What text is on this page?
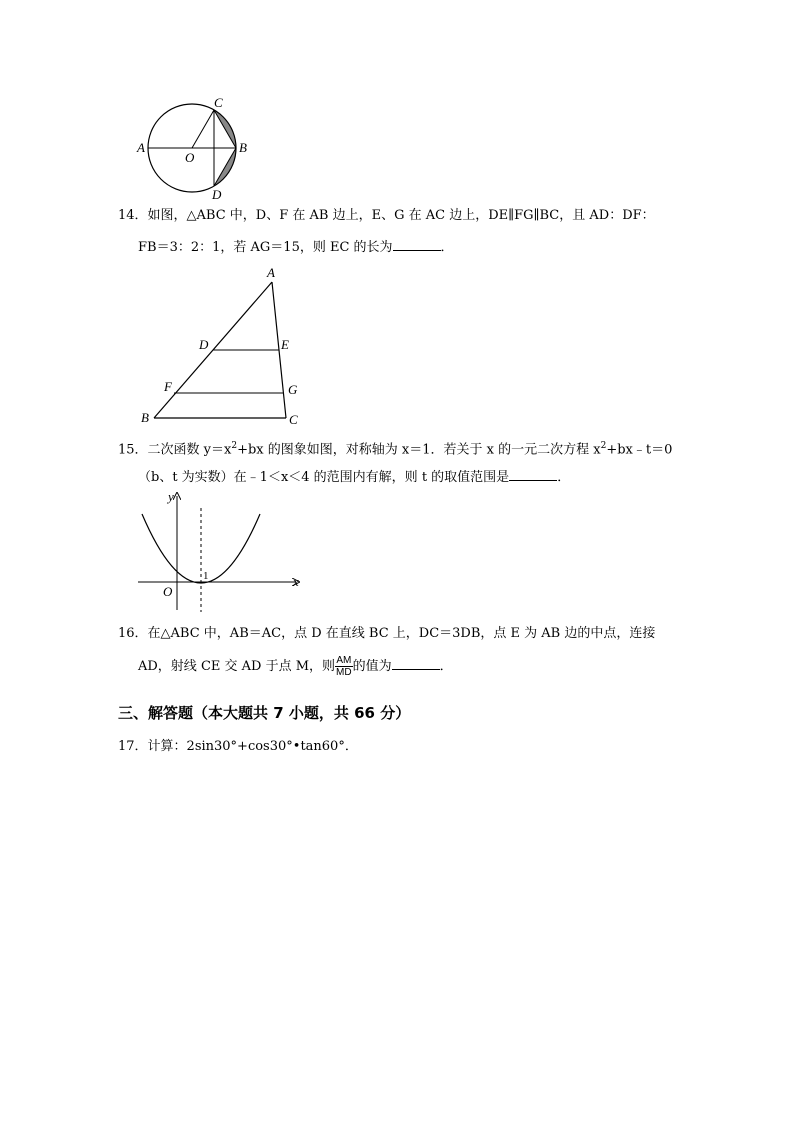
C
A
O
B
D
14．如图，△ABC 中，D、F 在 AB 边上，E、G 在 AC 边上，DE∥FG∥BC，且 AD：DF：
FB＝3：2：1，若 AG＝15，则 EC 的长为	．
A
D	E
F	G
B	C
15．二次函数 $y=x^2+bx$ 的图象如图，对称轴为 x＝1．若关于 x 的一元二次方程 $x^2+bx﹣t=0$
（b、t 为实数）在﹣1＜x＜4 的范围内有解，则 t 的取值范围是	．
y
x
O
1
16．在△ABC 中，AB＝AC，点 D 在直线 BC 上，DC＝3DB，点 E 为 AB 边的中点，连接
AD，射线 CE 交 AD 于点 M，则 $\frac{AM}{MD}$ 的值为	．
三、解答题（本大题共 7 小题，共 66 分）
17．计算：2sin30°+cos30°•tan60°．
